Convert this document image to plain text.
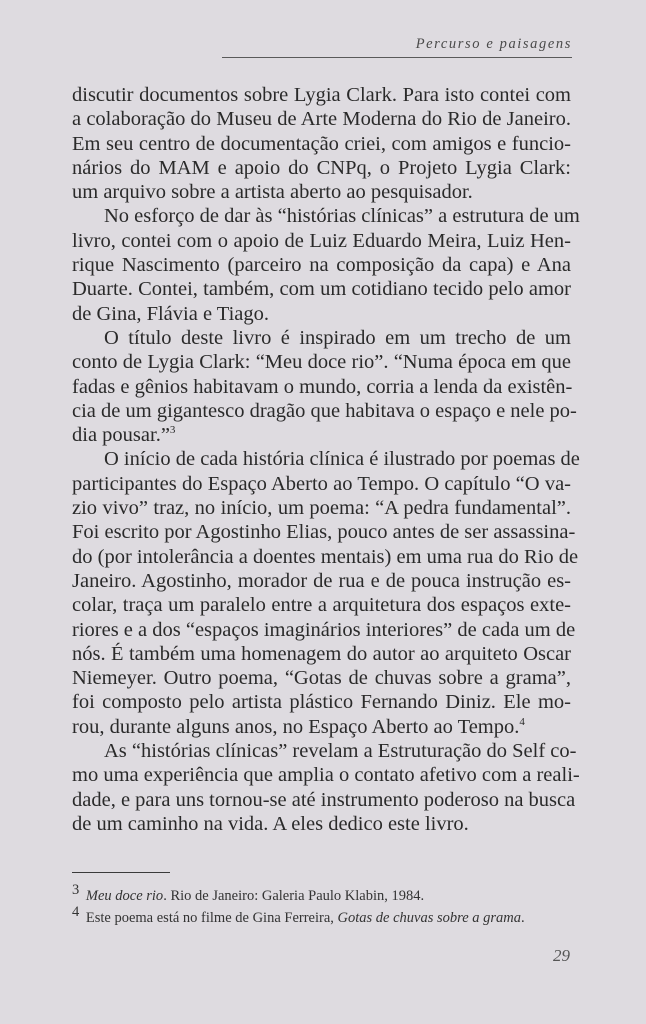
Percurso e paisagens
discutir documentos sobre Lygia Clark. Para isto contei com
a colaboração do Museu de Arte Moderna do Rio de Janeiro.
Em seu centro de documentação criei, com amigos e funcio-
nários do MAM e apoio do CNPq, o Projeto Lygia Clark:
um arquivo sobre a artista aberto ao pesquisador.
No esforço de dar às “histórias clínicas” a estrutura de um
livro, contei com o apoio de Luiz Eduardo Meira, Luiz Hen-
rique Nascimento (parceiro na composição da capa) e Ana
Duarte. Contei, também, com um cotidiano tecido pelo amor
de Gina, Flávia e Tiago.
O título deste livro é inspirado em um trecho de um
conto de Lygia Clark: “Meu doce rio”. “Numa época em que
fadas e gênios habitavam o mundo, corria a lenda da existên-
cia de um gigantesco dragão que habitava o espaço e nele po-
dia pousar.”$^3$
O início de cada história clínica é ilustrado por poemas de
participantes do Espaço Aberto ao Tempo. O capítulo “O va-
zio vivo” traz, no início, um poema: “A pedra fundamental”.
Foi escrito por Agostinho Elias, pouco antes de ser assassina-
do (por intolerância a doentes mentais) em uma rua do Rio de
Janeiro. Agostinho, morador de rua e de pouca instrução es-
colar, traça um paralelo entre a arquitetura dos espaços exte-
riores e a dos “espaços imaginários interiores” de cada um de
nós. É também uma homenagem do autor ao arquiteto Oscar
Niemeyer. Outro poema, “Gotas de chuvas sobre a grama”,
foi composto pelo artista plástico Fernando Diniz. Ele mo-
rou, durante alguns anos, no Espaço Aberto ao Tempo.$^4$
As “histórias clínicas” revelam a Estruturação do Self co-
mo uma experiência que amplia o contato afetivo com a reali-
dade, e para uns tornou-se até instrumento poderoso na busca
de um caminho na vida. A eles dedico este livro.
$^3$ Meu doce rio. Rio de Janeiro: Galeria Paulo Klabin, 1984.
$^4$ Este poema está no filme de Gina Ferreira, Gotas de chuvas sobre a grama.
29
